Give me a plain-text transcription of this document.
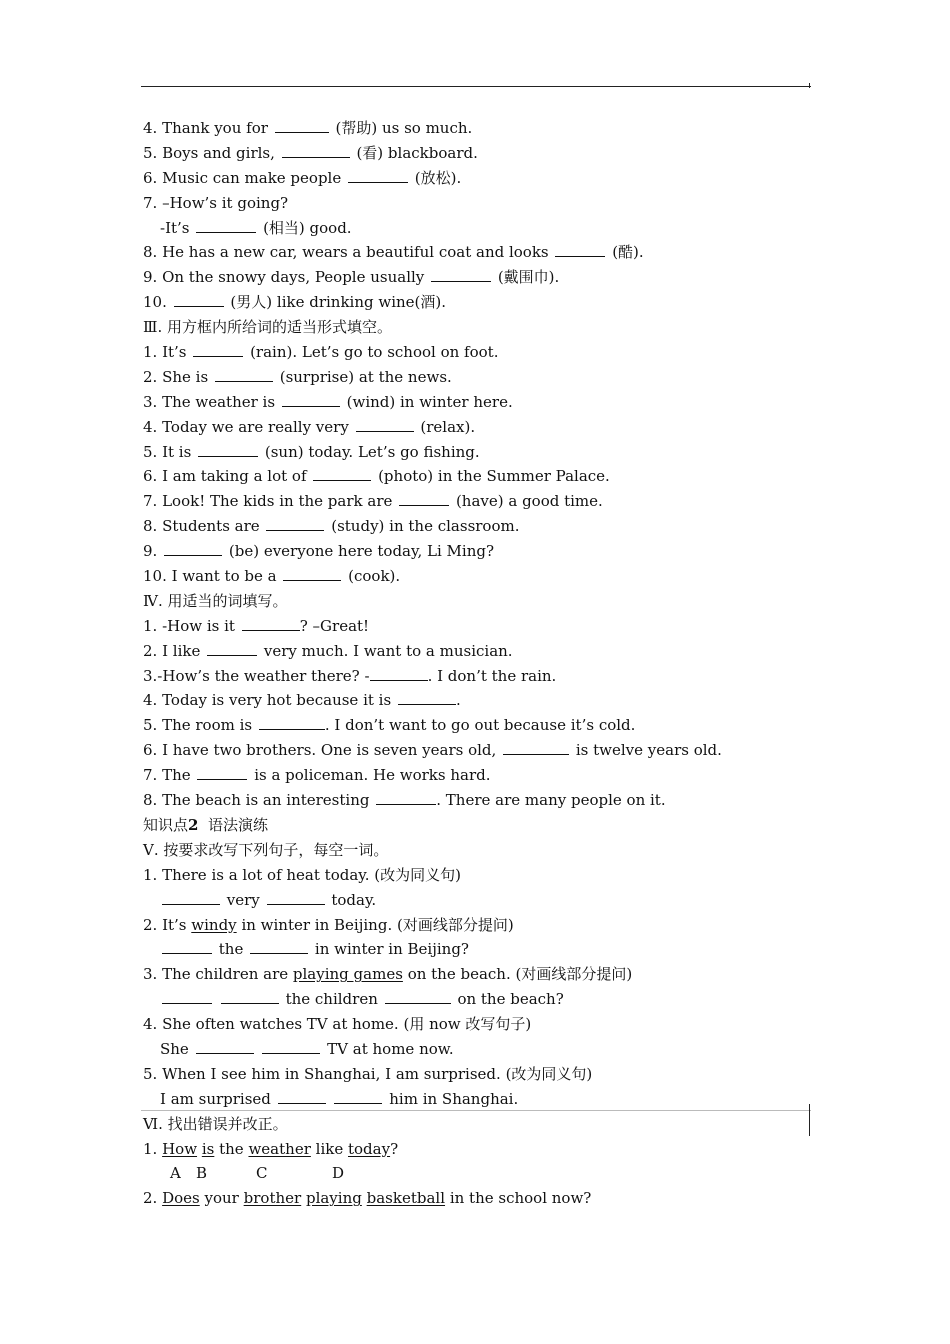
4. Thank you for	(帮助) us so much.
5. Boys and girls,	(看) blackboard.
6. Music can make people	(放松).
7. –How’s it going?
-It’s	(相当) good.
8. He has a new car, wears a beautiful coat and looks	(酷).
9. On the snowy days, People usually	(戴围巾).
10.	(男人) like drinking wine(酒).
Ⅲ. 用方框内所给词的适当形式填空。
1. It’s	(rain). Let’s go to school on foot.
2. She is	(surprise) at the news.
3. The weather is	(wind) in winter here.
4. Today we are really very	(relax).
5. It is	(sun) today. Let’s go fishing.
6. I am taking a lot of	(photo) in the Summer Palace.
7. Look! The kids in the park are	(have) a good time.
8. Students are	(study) in the classroom.
9.	(be) everyone here today, Li Ming?
10. I want to be a	(cook).
Ⅳ. 用适当的词填写。
1. -How is it	? –Great!
2. I like	very much. I want to a musician.
3.-How’s the weather there? -	. I don’t the rain.
4. Today is very hot because it is	.
5. The room is	. I don’t want to go out because it’s cold.
6. I have two brothers. One is seven years old,	is twelve years old.
7. The	is a policeman. He works hard.
8. The beach is an interesting	. There are many people on it.
知识点2 语法演练
Ⅴ. 按要求改写下列句子，每空一词。
1. There is a lot of heat today. (改为同义句)
very	today.
2. It’s windy in winter in Beijing. (对画线部分提问)
the	in winter in Beijing?
3. The children are playing games on the beach. (对画线部分提问)
the children	on the beach?
4. She often watches TV at home. (用 now 改写句子)
She	TV at home now.
5. When I see him in Shanghai, I am surprised. (改为同义句)
I am surprised	him in Shanghai.
Ⅵ. 找出错误并改正。
1. How is the weather like today?
A B	C	D
2. Does your brother playing basketball in the school now?
